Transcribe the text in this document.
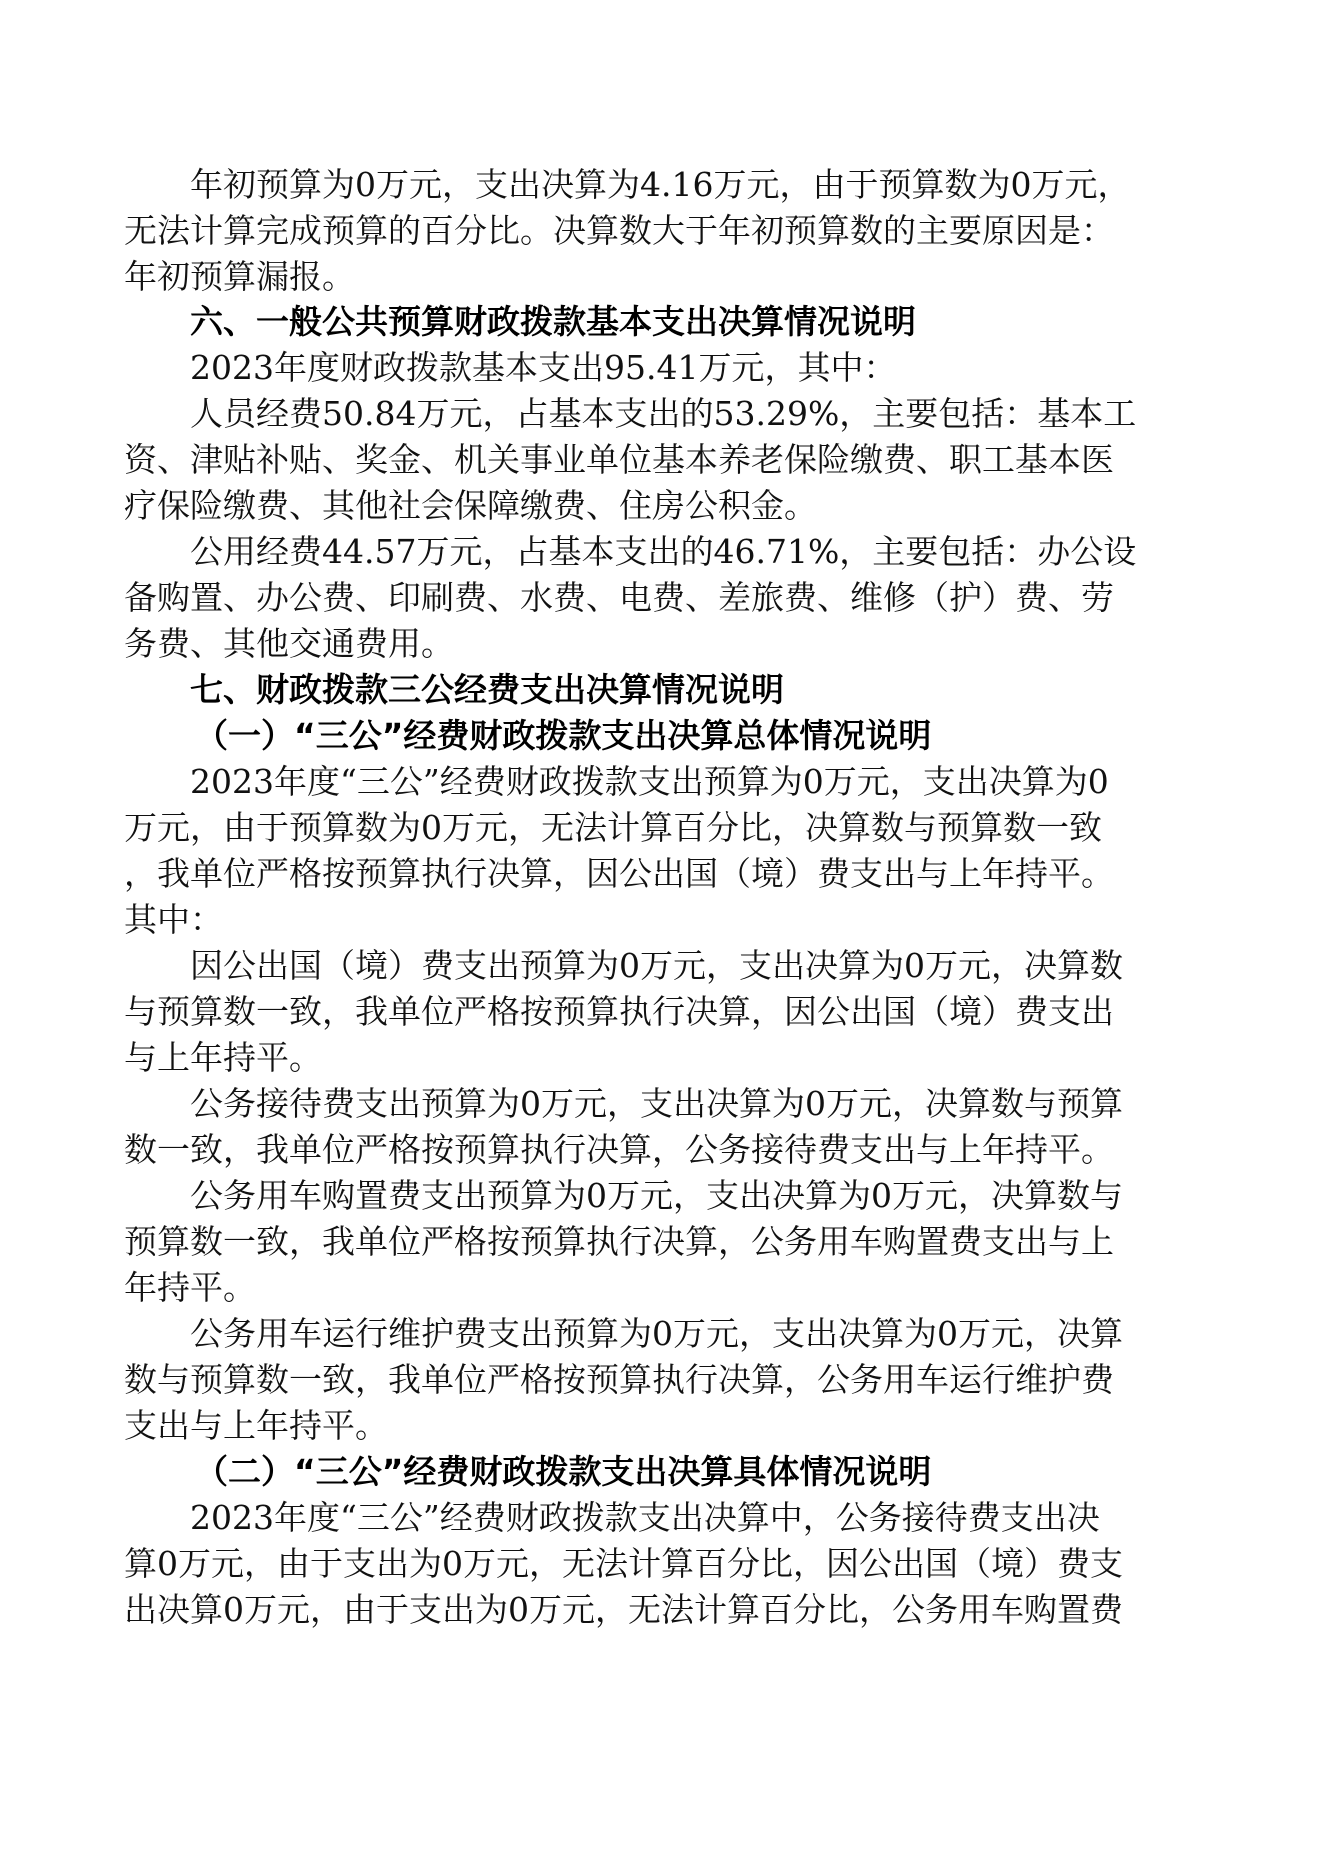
年初预算为0万元，支出决算为4.16万元，由于预算数为0万元，
无法计算完成预算的百分比。决算数大于年初预算数的主要原因是：
年初预算漏报。
六、一般公共预算财政拨款基本支出决算情况说明
2023年度财政拨款基本支出95.41万元，其中：
人员经费50.84万元，占基本支出的53.29%，主要包括：基本工
资、津贴补贴、奖金、机关事业单位基本养老保险缴费、职工基本医
疗保险缴费、其他社会保障缴费、住房公积金。
公用经费44.57万元，占基本支出的46.71%，主要包括：办公设
备购置、办公费、印刷费、水费、电费、差旅费、维修（护）费、劳
务费、其他交通费用。
七、财政拨款三公经费支出决算情况说明
（一）“三公”经费财政拨款支出决算总体情况说明
2023年度“三公”经费财政拨款支出预算为0万元，支出决算为0
万元，由于预算数为0万元，无法计算百分比，决算数与预算数一致
，我单位严格按预算执行决算，因公出国（境）费支出与上年持平。
其中：
因公出国（境）费支出预算为0万元，支出决算为0万元，决算数
与预算数一致，我单位严格按预算执行决算，因公出国（境）费支出
与上年持平。
公务接待费支出预算为0万元，支出决算为0万元，决算数与预算
数一致，我单位严格按预算执行决算，公务接待费支出与上年持平。
公务用车购置费支出预算为0万元，支出决算为0万元，决算数与
预算数一致，我单位严格按预算执行决算，公务用车购置费支出与上
年持平。
公务用车运行维护费支出预算为0万元，支出决算为0万元，决算
数与预算数一致，我单位严格按预算执行决算，公务用车运行维护费
支出与上年持平。
（二）“三公”经费财政拨款支出决算具体情况说明
2023年度“三公”经费财政拨款支出决算中，公务接待费支出决
算0万元，由于支出为0万元，无法计算百分比，因公出国（境）费支
出决算0万元，由于支出为0万元，无法计算百分比，公务用车购置费
